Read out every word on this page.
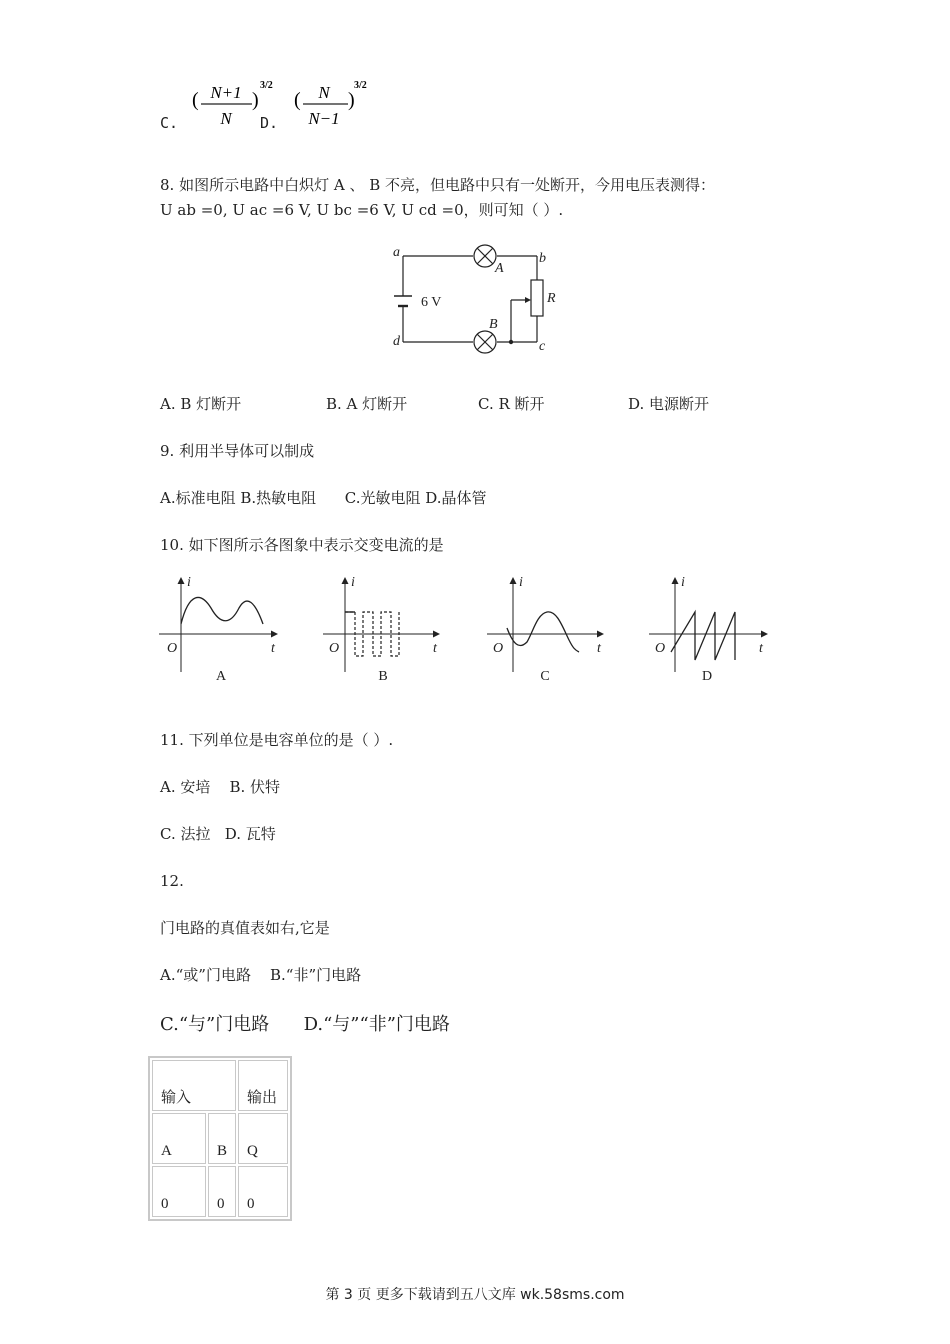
C.
( N+1
N
)
3/2
D.
( N
N−1
)
3/2
8. 如图所示电路中白炽灯 A 、 B 不亮，但电路中只有一处断开，今用电压表测得：
U ab =0, U ac =6 V, U bc =6 V, U cd =0，则可知（ ）.
a	b
c
d
A
B
R
6 V
A. B 灯断开	B. A 灯断开	C. R 断开	D. 电源断开
9. 利用半导体可以制成
A.标准电阻 B.热敏电阻      C.光敏电阻 D.晶体管
10. 如下图所示各图象中表示交变电流的是
i
t
O
i
t
O
i
t
O
i
t
O
A	B	C	D
11. 下列单位是电容单位的是（ ）.
A. 安培    B. 伏特
C. 法拉   D. 瓦特
12.
门电路的真值表如右,它是
A.“或”门电路    B.“非”门电路
C.“与”门电路      D.“与”“非”门电路
输入		输出
A	B	Q
0	0	0
第 3 页 更多下载请到五八文库 wk.58sms.com
